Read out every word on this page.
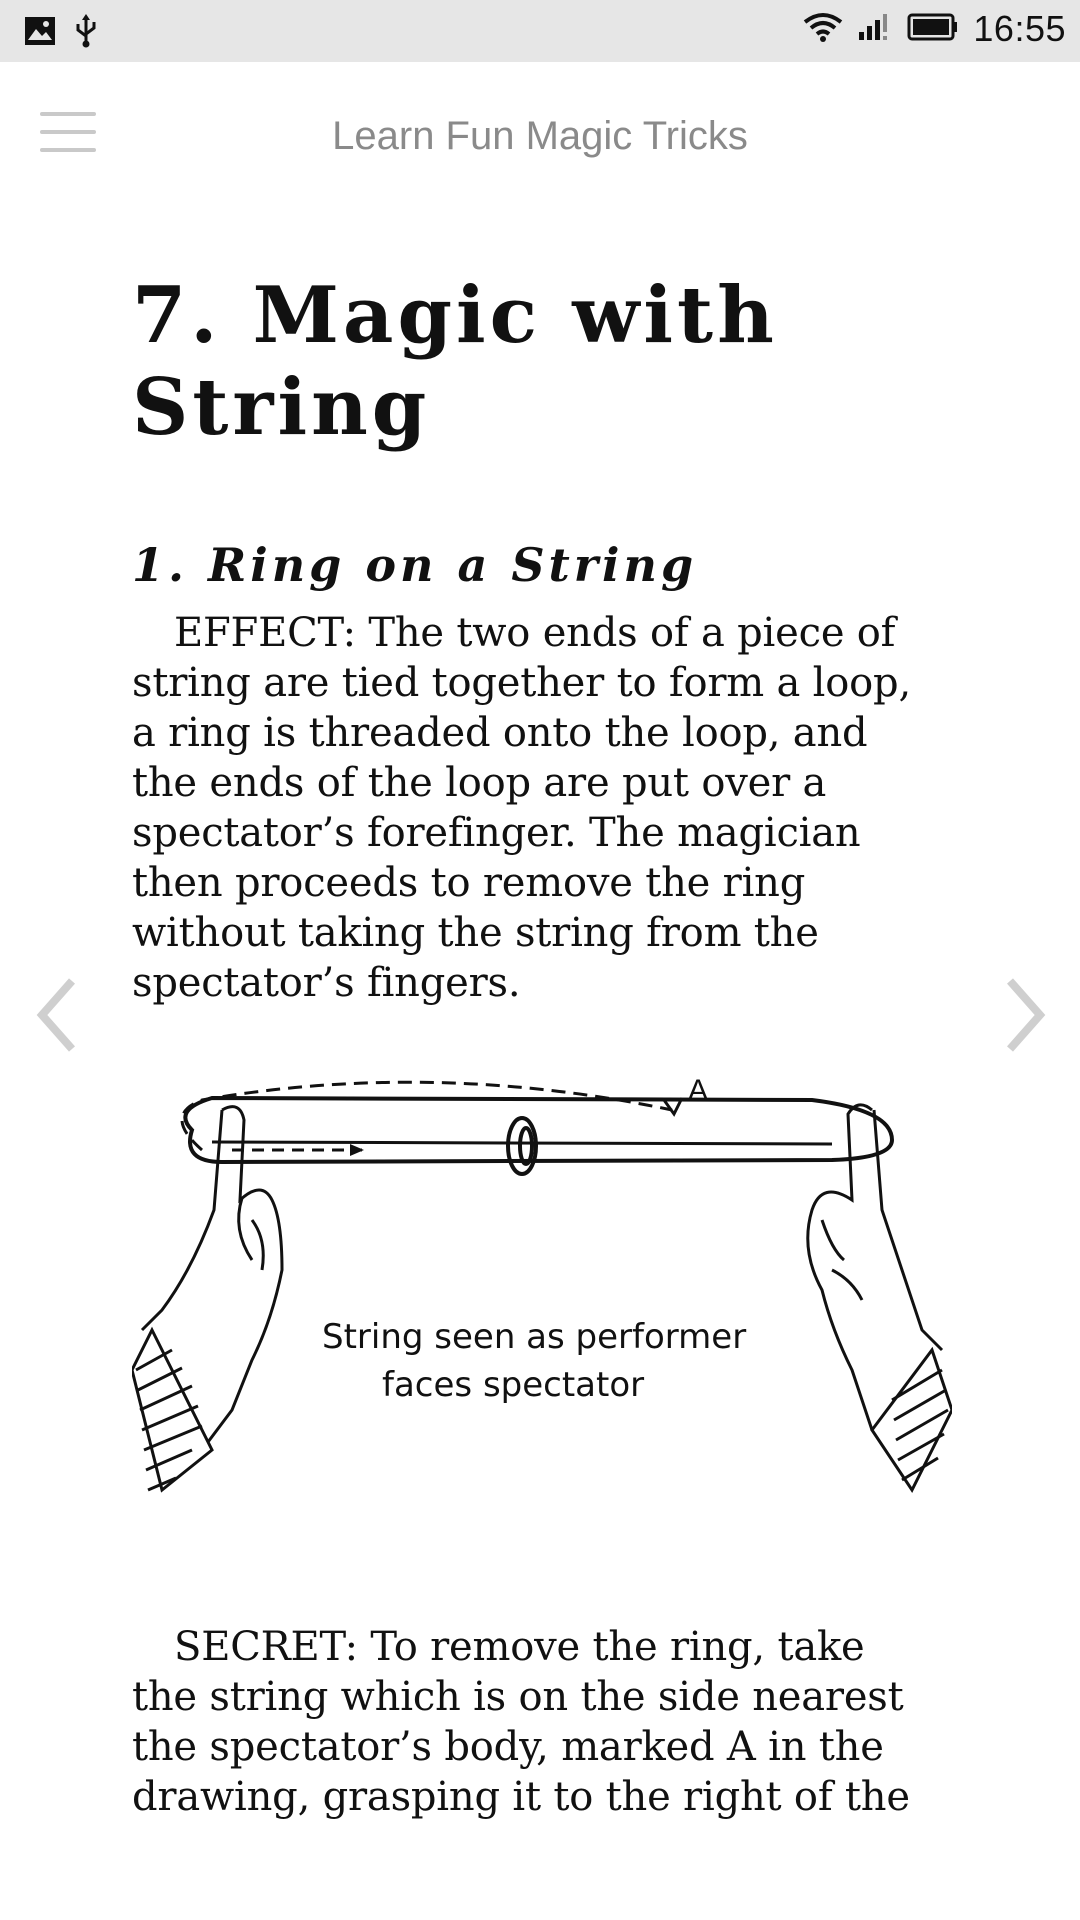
16:55
Learn Fun Magic Tricks
7. Magic with String
1. Ring on a String

EFFECT: The two ends of a piece of string are tied together to form a loop, a ring is threaded onto the loop, and the ends of the loop are put over a spectator’s forefinger. The magician then proceeds to remove the ring without taking the string from the spectator’s fingers.

A
String seen as performer
faces spectator

SECRET: To remove the ring, take the string which is on the side nearest the spectator’s body, marked A in the drawing, grasping it to the right of the
